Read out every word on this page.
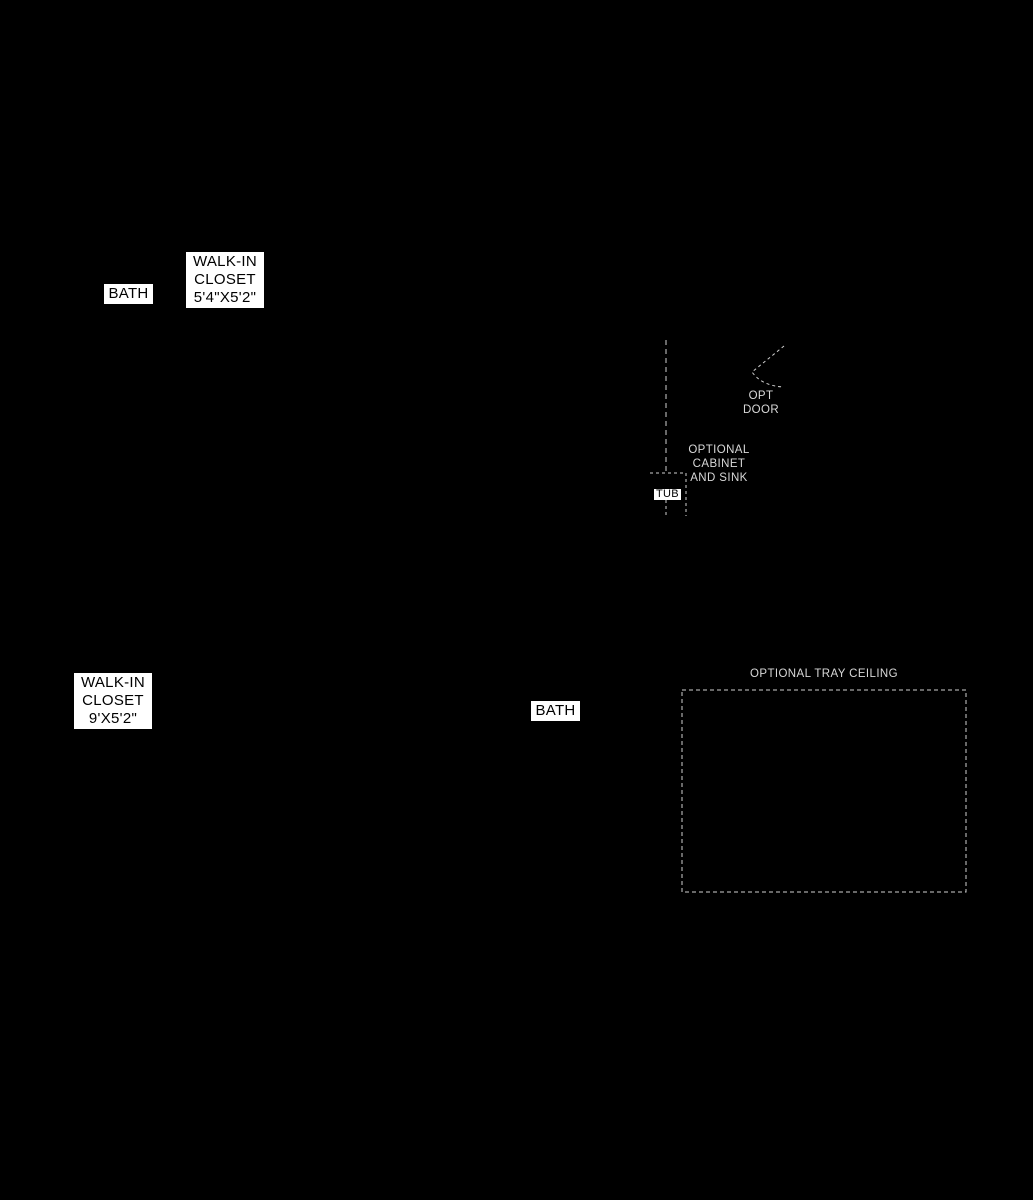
BATH
WALK-IN
CLOSET
5'4"X5'2"
OPT
DOOR
OPTIONAL
CABINET
AND SINK
TUB
WALK-IN
CLOSET
9'X5'2"	BATH
OPTIONAL TRAY CEILING
